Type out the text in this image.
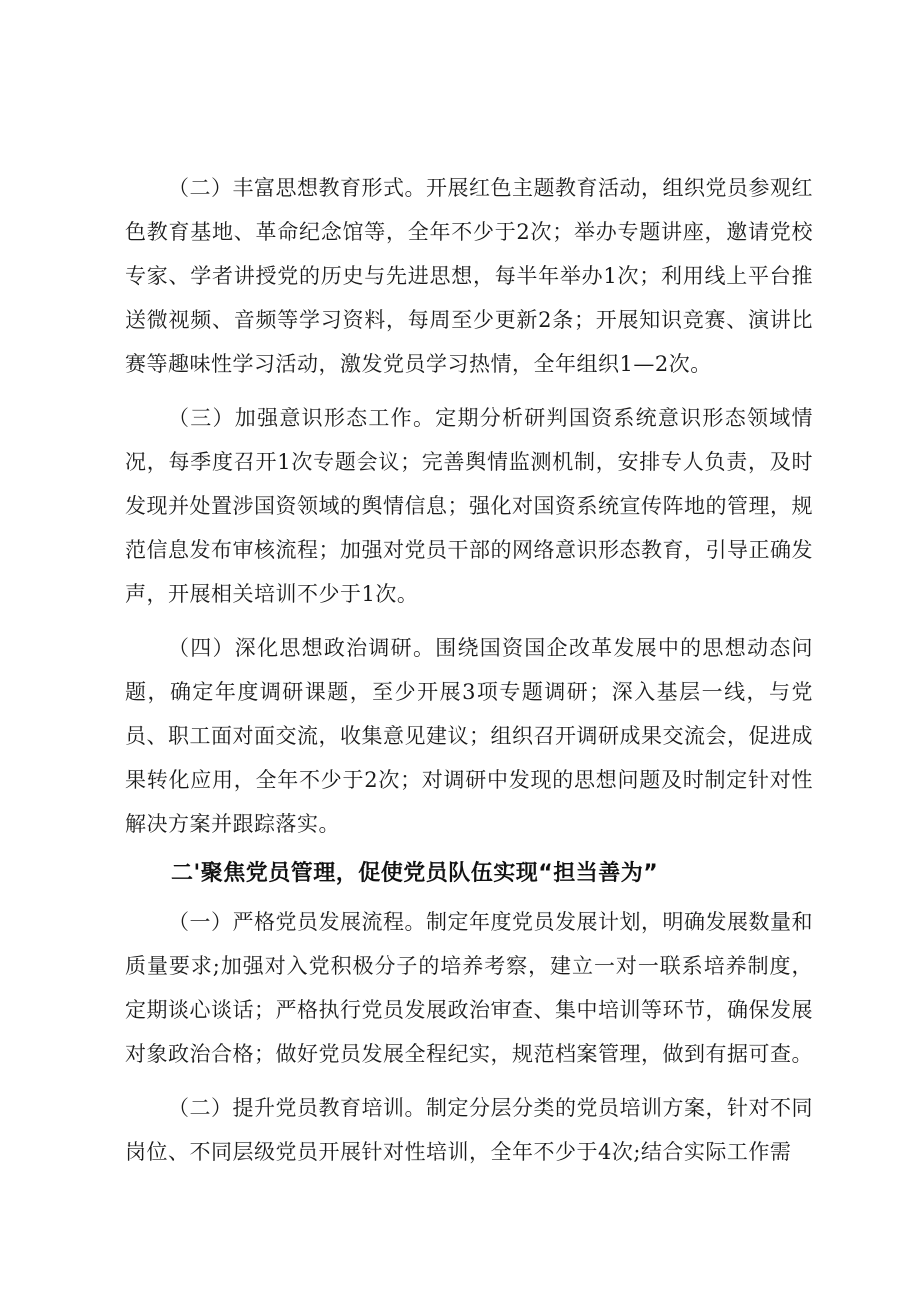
（二）丰富思想教育形式。开展红色主题教育活动，组织党员参观红色教育基地、革命纪念馆等，全年不少于2次；举办专题讲座，邀请党校专家、学者讲授党的历史与先进思想，每半年举办1次；利用线上平台推送微视频、音频等学习资料，每周至少更新2条；开展知识竞赛、演讲比赛等趣味性学习活动，激发党员学习热情，全年组织1—2次。

（三）加强意识形态工作。定期分析研判国资系统意识形态领域情况，每季度召开1次专题会议；完善舆情监测机制，安排专人负责，及时发现并处置涉国资领域的舆情信息；强化对国资系统宣传阵地的管理，规范信息发布审核流程；加强对党员干部的网络意识形态教育，引导正确发声，开展相关培训不少于1次。

（四）深化思想政治调研。围绕国资国企改革发展中的思想动态问题，确定年度调研课题，至少开展3项专题调研；深入基层一线，与党员、职工面对面交流，收集意见建议；组织召开调研成果交流会，促进成果转化应用，全年不少于2次；对调研中发现的思想问题及时制定针对性解决方案并跟踪落实。

二'聚焦党员管理，促使党员队伍实现“担当善为”

（一）严格党员发展流程。制定年度党员发展计划，明确发展数量和质量要求;加强对入党积极分子的培养考察，建立一对一联系培养制度，定期谈心谈话；严格执行党员发展政治审查、集中培训等环节，确保发展对象政治合格；做好党员发展全程纪实，规范档案管理，做到有据可查。

（二）提升党员教育培训。制定分层分类的党员培训方案，针对不同岗位、不同层级党员开展针对性培训，全年不少于4次;结合实际工作需
